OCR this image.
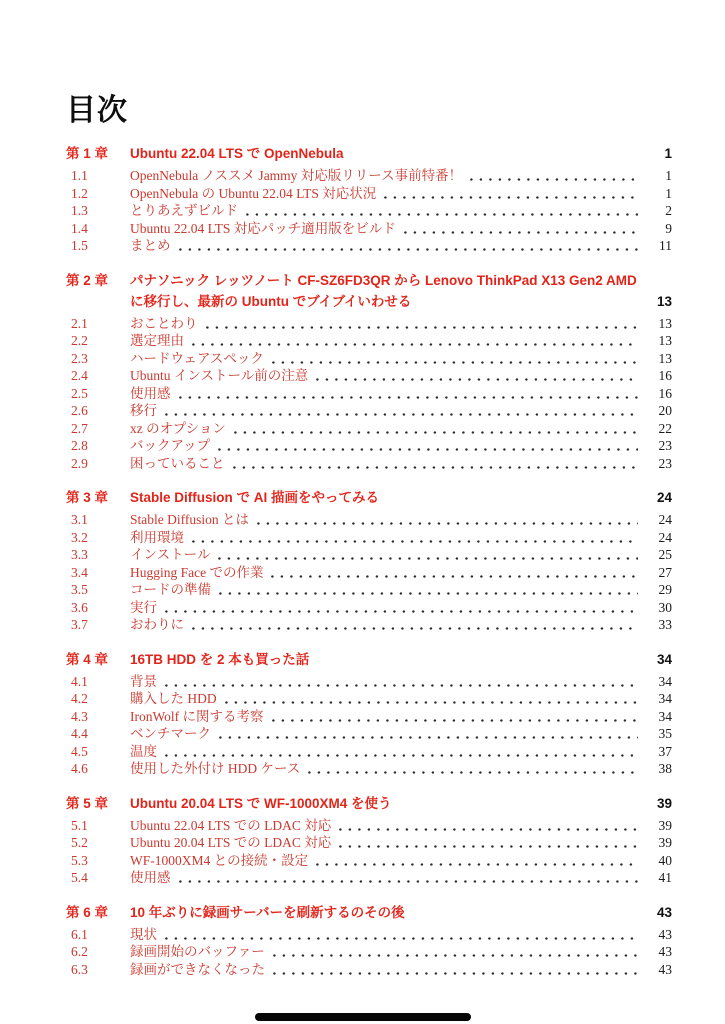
目次
第 1 章	Ubuntu 22.04 LTS で OpenNebula	1
1.1	OpenNebula ノススメ Jammy 対応版リリース事前特番！	1
1.2	OpenNebula の Ubuntu 22.04 LTS 対応状況	1
1.3	とりあえずビルド	2
1.4	Ubuntu 22.04 LTS 対応パッチ適用版をビルド	9
1.5	まとめ	11
第 2 章	パナソニック レッツノート CF-SZ6FD3QR から Lenovo ThinkPad X13 Gen2 AMD に移行し、最新の Ubuntu でブイブイいわせる	13
2.1	おことわり	13
2.2	選定理由	13
2.3	ハードウェアスペック	13
2.4	Ubuntu インストール前の注意	16
2.5	使用感	16
2.6	移行	20
2.7	xz のオプション	22
2.8	バックアップ	23
2.9	困っていること	23
第 3 章	Stable Diffusion で AI 描画をやってみる	24
3.1	Stable Diffusion とは	24
3.2	利用環境	24
3.3	インストール	25
3.4	Hugging Face での作業	27
3.5	コードの準備	29
3.6	実行	30
3.7	おわりに	33
第 4 章	16TB HDD を 2 本も買った話	34
4.1	背景	34
4.2	購入した HDD	34
4.3	IronWolf に関する考察	34
4.4	ベンチマーク	35
4.5	温度	37
4.6	使用した外付け HDD ケース	38
第 5 章	Ubuntu 20.04 LTS で WF-1000XM4 を使う	39
5.1	Ubuntu 22.04 LTS での LDAC 対応	39
5.2	Ubuntu 20.04 LTS での LDAC 対応	39
5.3	WF-1000XM4 との接続・設定	40
5.4	使用感	41
第 6 章	10 年ぶりに録画サーバーを刷新するのその後	43
6.1	現状	43
6.2	録画開始のバッファー	43
6.3	録画ができなくなった	43
